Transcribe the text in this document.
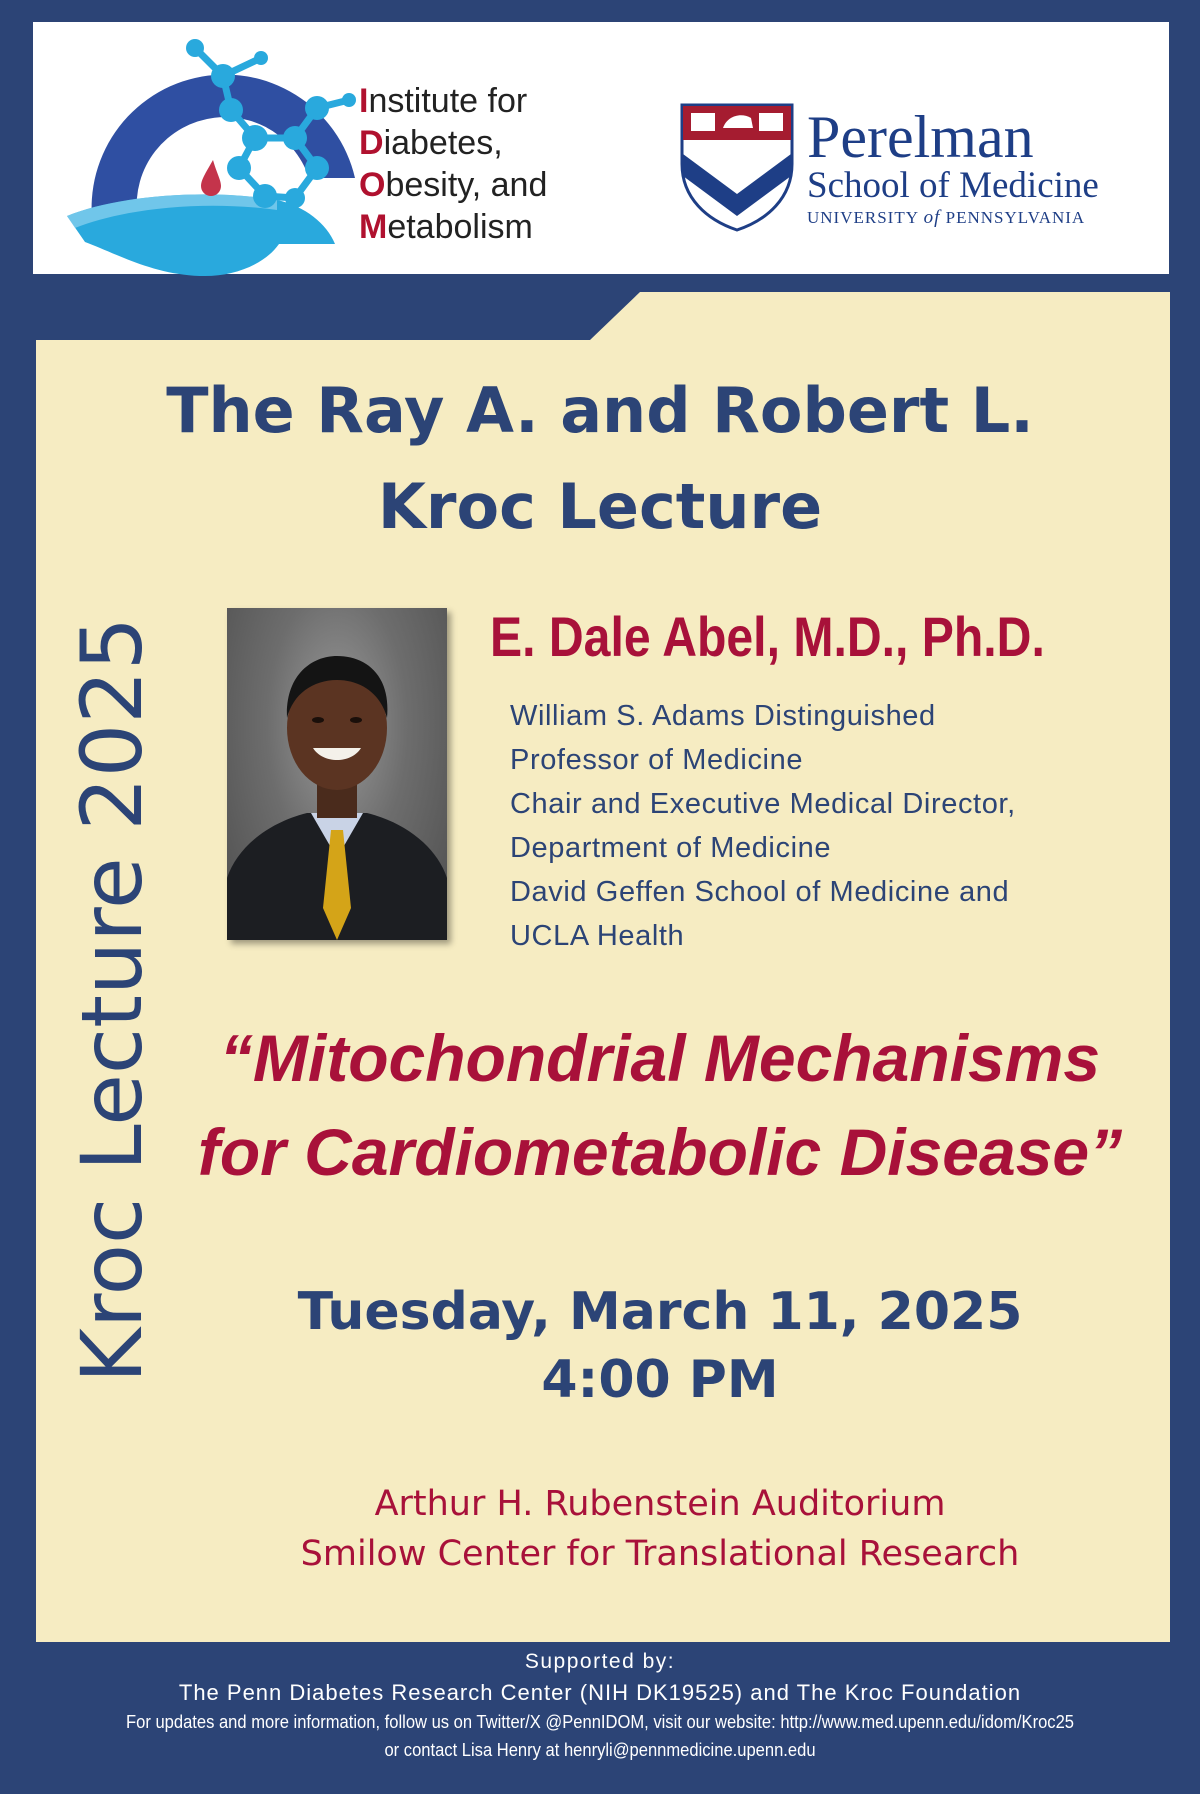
Institute for
Diabetes,
Obesity, and
Metabolism
Perelman
School of Medicine
UNIVERSITY of PENNSYLVANIA
Kroc Lecture 2025
The Ray A. and Robert L.
Kroc Lecture
E. Dale Abel, M.D., Ph.D.
William S. Adams Distinguished
Professor of Medicine
Chair and Executive Medical Director,
Department of Medicine
David Geffen School of Medicine and
UCLA Health
“Mitochondrial Mechanisms
for Cardiometabolic Disease”
Tuesday, March 11, 2025
4:00 PM
Arthur H. Rubenstein Auditorium
Smilow Center for Translational Research
Supported by:
The Penn Diabetes Research Center (NIH DK19525) and The Kroc Foundation
For updates and more information, follow us on Twitter/X @PennIDOM, visit our website: http://www.med.upenn.edu/idom/Kroc25
or contact Lisa Henry at henryli@pennmedicine.upenn.edu
